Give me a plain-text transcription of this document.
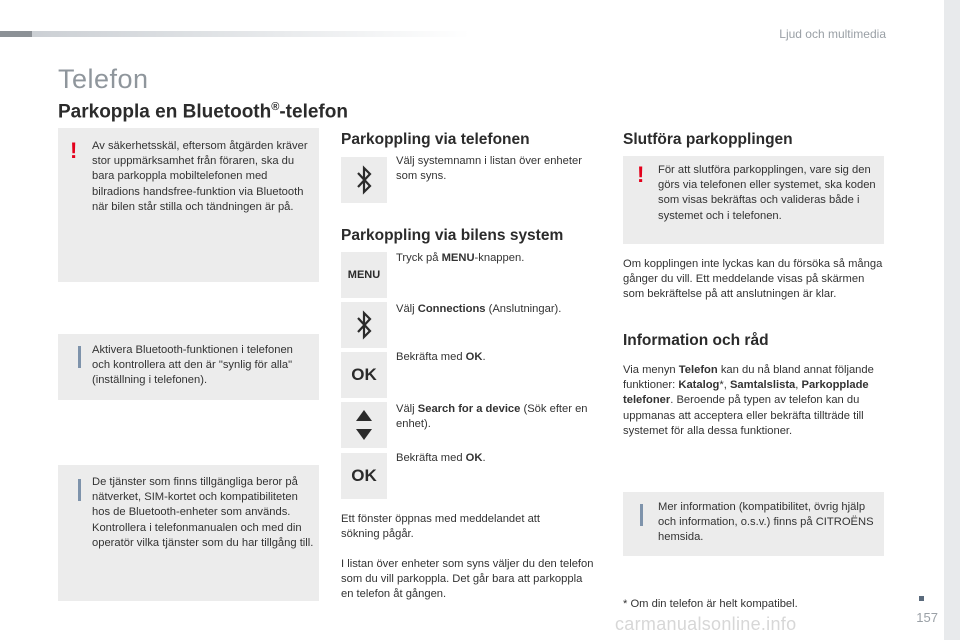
Ljud och multimedia
Telefon
Parkoppla en Bluetooth®-telefon
! Av säkerhetsskäl, eftersom åtgärden kräver stor uppmärksamhet från föraren, ska du bara parkoppla mobiltelefonen med bilradions handsfree-funktion via Bluetooth när bilen står stilla och tändningen är på.
Aktivera Bluetooth-funktionen i telefonen och kontrollera att den är "synlig för alla" (inställning i telefonen).
De tjänster som finns tillgängliga beror på nätverket, SIM-kortet och kompatibiliteten hos de Bluetooth-enheter som används. Kontrollera i telefonmanualen och med din operatör vilka tjänster som du har tillgång till.
Parkoppling via telefonen
Välj systemnamn i listan över enheter som syns.
Parkoppling via bilens system
MENU
Tryck på MENU-knappen.
Välj Connections (Anslutningar).
OK
Bekräfta med OK.
Välj Search for a device (Sök efter en enhet).
OK
Bekräfta med OK.
Ett fönster öppnas med meddelandet att sökning pågår.
I listan över enheter som syns väljer du den telefon som du vill parkoppla. Det går bara att parkoppla en telefon åt gången.
Slutföra parkopplingen
! För att slutföra parkopplingen, vare sig den görs via telefonen eller systemet, ska koden som visas bekräftas och valideras både i systemet och i telefonen.
Om kopplingen inte lyckas kan du försöka så många gånger du vill. Ett meddelande visas på skärmen som bekräftelse på att anslutningen är klar.
Information och råd
Via menyn Telefon kan du nå bland annat följande funktioner: Katalog*, Samtalslista, Parkopplade telefoner. Beroende på typen av telefon kan du uppmanas att acceptera eller bekräfta tillträde till systemet för alla dessa funktioner.
Mer information (kompatibilitet, övrig hjälp och information, o.s.v.) finns på CITROËNS hemsida.
* Om din telefon är helt kompatibel.
157
carmanualsonline.info
